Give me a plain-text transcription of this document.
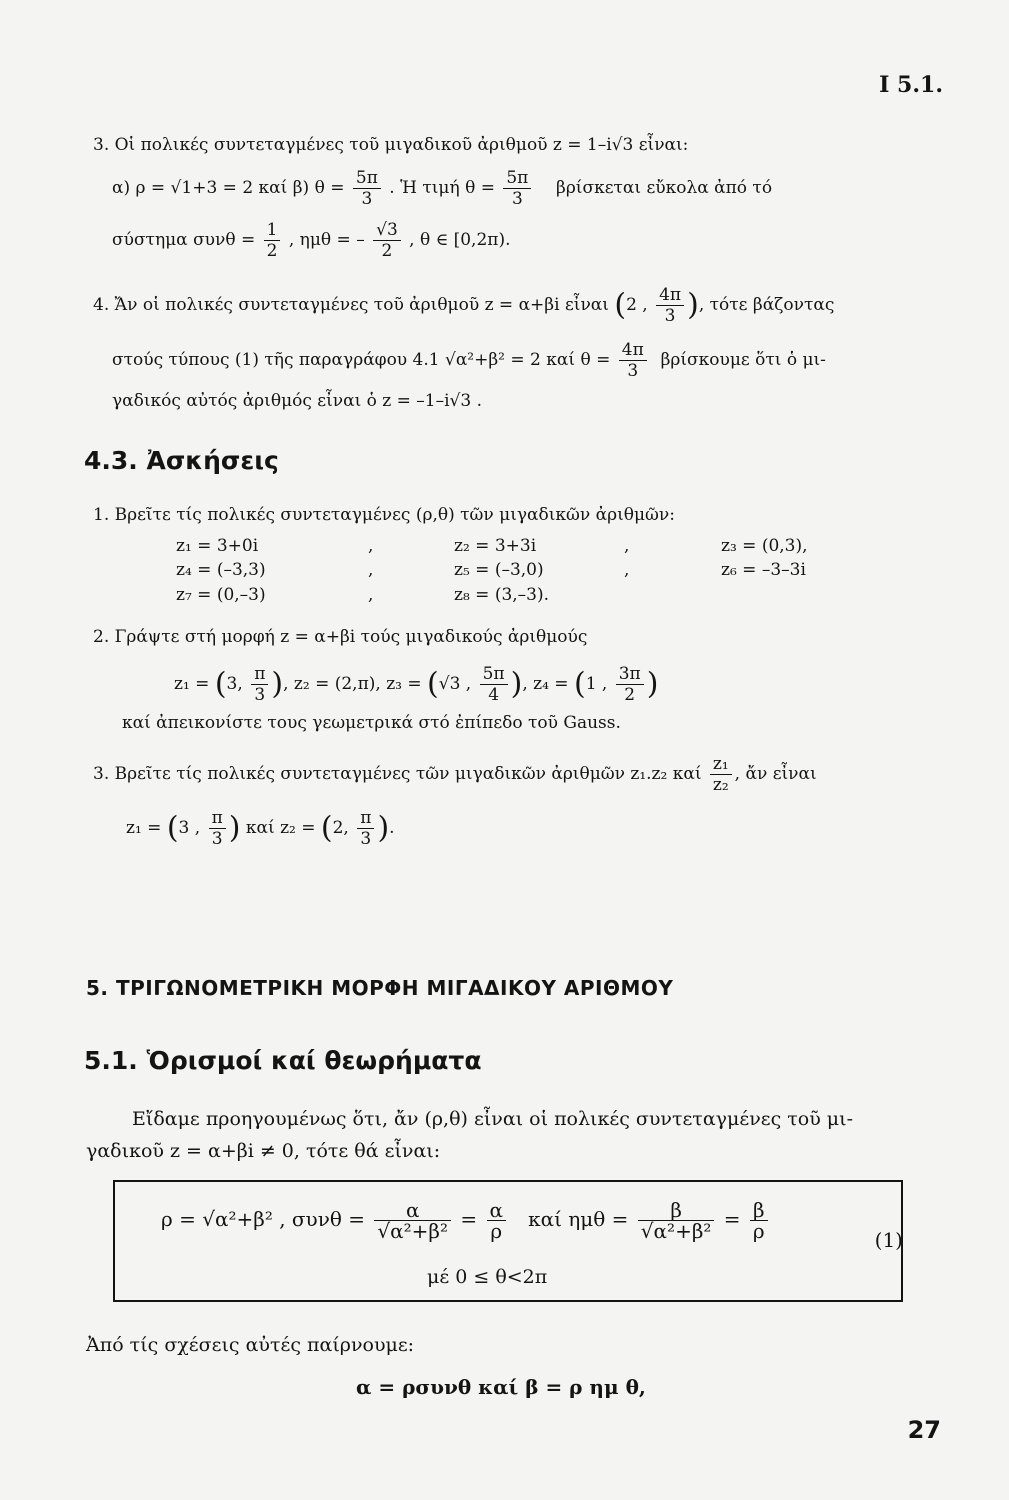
Ι 5.1.
3. Οἱ πολικές συντεταγμένες τοῦ μιγαδικοῦ ἀριθμοῦ z = 1–i√3 εἶναι:
α) ρ = √1+3 = 2 καί β) $\theta = \frac{5\pi}{3}$ . Ἡ τιμή $\theta = \frac{5\pi}{3}$ βρίσκεται εὔκολα ἀπό τό
σύστημα $\sigma\upsilon\nu\theta = \frac{1}{2}$ , ημθ = – $\frac{√3}{2}$ , θ ∈ [0,2π).
4. Ἄν οἱ πολικές συντεταγμένες τοῦ ἀριθμοῦ z = α+βi εἶναι (2 , $\frac{4\pi}{3}$ ), τότε βάζοντας
στούς τύπους (1) τῆς παραγράφου 4.1 √α²+β² = 2 καί $\theta = \frac{4\pi}{3}$ βρίσκουμε ὅτι ὁ μι-
γαδικός αὐτός ἀριθμός εἶναι ὁ z = –1–i√3 .
4.3. Ἀσκήσεις
1. Βρεῖτε τίς πολικές συντεταγμένες (ρ,θ) τῶν μιγαδικῶν ἀριθμῶν:
z₁ = 3+0i	,	z₂ = 3+3i	,	z₃ = (0,3),
z₄ = (–3,3)	,	z₅ = (–3,0)	,	z₆ = –3–3i
z₇ = (0,–3)	,	z₈ = (3,–3).
2. Γράψτε στή μορφή z = α+βi τούς μιγαδικούς ἀριθμούς
z₁ = (3, $\frac{\pi}{3}$ ), z₂ = (2,π), z₃ = (√3 , $\frac{5\pi}{4}$ ), z₄ = (1 , $\frac{3\pi}{2}$ )
καί ἀπεικονίστε τους γεωμετρικά στό ἐπίπεδο τοῦ Gauss.
3. Βρεῖτε τίς πολικές συντεταγμένες τῶν μιγαδικῶν ἀριθμῶν z₁.z₂ καί $\frac{\text{z₁}}{\text{z₂}}$ , ἄν εἶναι
z₁ = (3 , $\frac{\pi}{3}$ ) καί z₂ = (2, $\frac{\pi}{3}$ ).
5. ΤΡΙΓΩΝΟΜΕΤΡΙΚΗ ΜΟΡΦΗ ΜΙΓΑΔΙΚΟΥ ΑΡΙΘΜΟΥ
5.1. Ὁρισμοί καί θεωρήματα
Εἴδαμε προηγουμένως ὅτι, ἄν (ρ,θ) εἶναι οἱ πολικές συντεταγμένες τοῦ μι-
γαδικοῦ z = α+βi ≠ 0, τότε θά εἶναι:
ρ = √α²+β² , $\sigma\upsilon\nu\theta = \frac{\alpha}{\text{√α²+β²}} = \frac{\alpha}{\rho}$ καί $\eta\mu\theta = \frac{\beta}{\text{√α²+β²}} = \frac{\beta}{\rho}$
μέ 0 ≤ θ<2π
(1)
Ἀπό τίς σχέσεις αὐτές παίρνουμε:
α = ρσυνθ καί β = ρ ημ θ,
27
